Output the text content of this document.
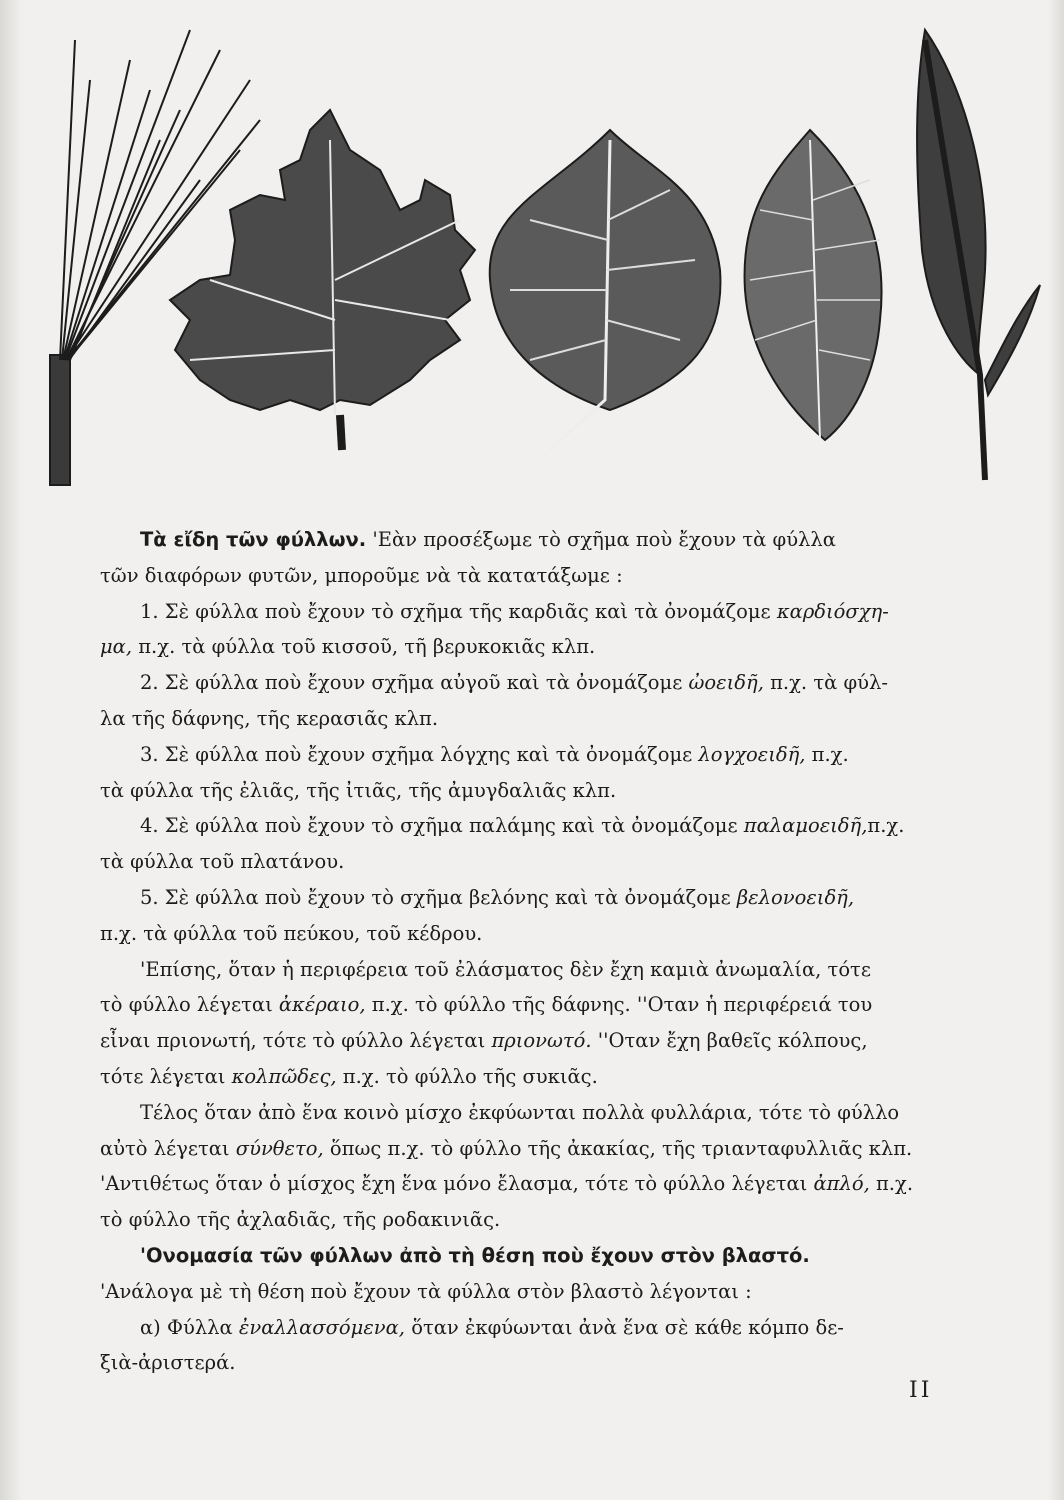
Τὰ εἴδη τῶν φύλλων. 'Εὰν προσέξωμε τὸ σχῆμα ποὺ ἔχουν τὰ φύλλα
τῶν διαφόρων φυτῶν, μποροῦμε νὰ τὰ κατατάξωμε :
1. Σὲ φύλλα ποὺ ἔχουν τὸ σχῆμα τῆς καρδιᾶς καὶ τὰ ὀνομάζομε καρδιόσχη-
μα, π.χ. τὰ φύλλα τοῦ κισσοῦ, τῆ βερυκοκιᾶς κλπ.
2. Σὲ φύλλα ποὺ ἔχουν σχῆμα αὐγοῦ καὶ τὰ ὀνομάζομε ὠοειδῆ, π.χ. τὰ φύλ-
λα τῆς δάφνης, τῆς κερασιᾶς κλπ.
3. Σὲ φύλλα ποὺ ἔχουν σχῆμα λόγχης καὶ τὰ ὀνομάζομε λογχοειδῆ, π.χ.
τὰ φύλλα τῆς ἐλιᾶς, τῆς ἰτιᾶς, τῆς ἀμυγδαλιᾶς κλπ.
4. Σὲ φύλλα ποὺ ἔχουν τὸ σχῆμα παλάμης καὶ τὰ ὀνομάζομε παλαμοειδῆ,π.χ.
τὰ φύλλα τοῦ πλατάνου.
5. Σὲ φύλλα ποὺ ἔχουν τὸ σχῆμα βελόνης καὶ τὰ ὀνομάζομε βελονοειδῆ,
π.χ. τὰ φύλλα τοῦ πεύκου, τοῦ κέδρου.
'Επίσης, ὅταν ἡ περιφέρεια τοῦ ἐλάσματος δὲν ἔχη καμιὰ ἀνωμαλία, τότε
τὸ φύλλο λέγεται ἀκέραιο, π.χ. τὸ φύλλο τῆς δάφνης. ''Οταν ἡ περιφέρειά του
εἶναι πριονωτή, τότε τὸ φύλλο λέγεται πριονωτό. ''Οταν ἔχη βαθεῖς κόλπους,
τότε λέγεται κολπῶδες, π.χ. τὸ φύλλο τῆς συκιᾶς.
Τέλος ὅταν ἀπὸ ἕνα κοινὸ μίσχο ἐκφύωνται πολλὰ φυλλάρια, τότε τὸ φύλλο
αὐτὸ λέγεται σύνθετο, ὅπως π.χ. τὸ φύλλο τῆς ἀκακίας, τῆς τριανταφυλλιᾶς κλπ.
'Αντιθέτως ὅταν ὁ μίσχος ἔχη ἕνα μόνο ἔλασμα, τότε τὸ φύλλο λέγεται ἀπλό, π.χ.
τὸ φύλλο τῆς ἀχλαδιᾶς, τῆς ροδακινιᾶς.
'Ονομασία τῶν φύλλων ἀπὸ τὴ θέση ποὺ ἔχουν στὸν βλαστό.
'Ανάλογα μὲ τὴ θέση ποὺ ἔχουν τὰ φύλλα στὸν βλαστὸ λέγονται :
α) Φύλλα ἐναλλασσόμενα, ὅταν ἐκφύωνται ἀνὰ ἕνα σὲ κάθε κόμπο δε-
ξιὰ-ἀριστερά.
II
